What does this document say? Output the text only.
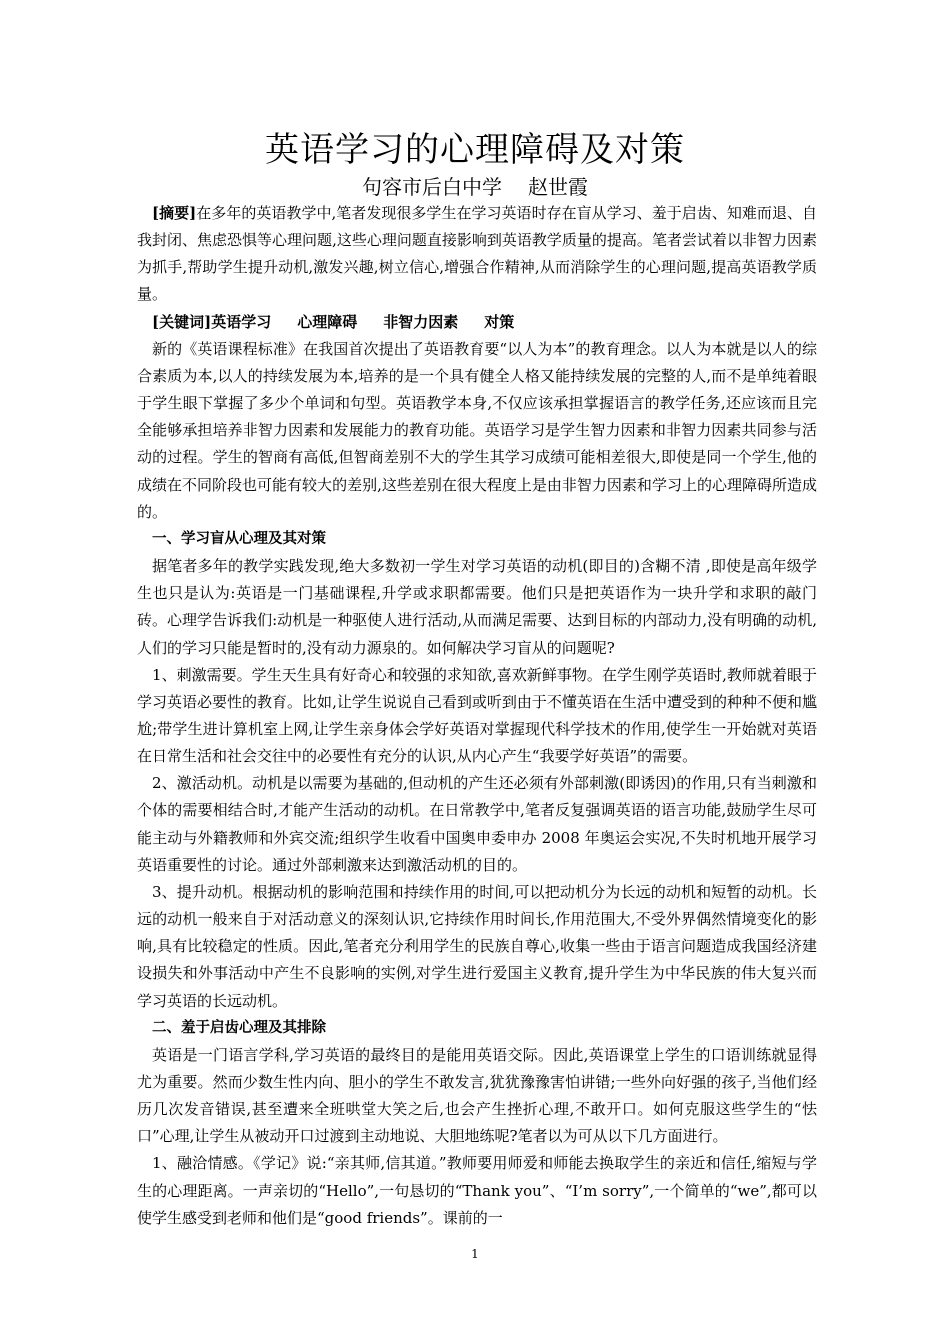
英语学习的心理障碍及对策
句容市后白中学 赵世霞

[摘要]在多年的英语教学中,笔者发现很多学生在学习英语时存在盲从学习、羞于启齿、知难而退、自我封闭、焦虑恐惧等心理问题,这些心理问题直接影响到英语教学质量的提高。笔者尝试着以非智力因素为抓手,帮助学生提升动机,激发兴趣,树立信心,增强合作精神,从而消除学生的心理问题,提高英语教学质量。

[关键词]英语学习 心理障碍 非智力因素 对策

新的《英语课程标准》在我国首次提出了英语教育要“以人为本”的教育理念。以人为本就是以人的综合素质为本,以人的持续发展为本,培养的是一个具有健全人格又能持续发展的完整的人,而不是单纯着眼于学生眼下掌握了多少个单词和句型。英语教学本身,不仅应该承担掌握语言的教学任务,还应该而且完全能够承担培养非智力因素和发展能力的教育功能。英语学习是学生智力因素和非智力因素共同参与活动的过程。学生的智商有高低,但智商差别不大的学生其学习成绩可能相差很大,即使是同一个学生,他的成绩在不同阶段也可能有较大的差别,这些差别在很大程度上是由非智力因素和学习上的心理障碍所造成的。

一、学习盲从心理及其对策

据笔者多年的教学实践发现,绝大多数初一学生对学习英语的动机(即目的)含糊不清 ,即使是高年级学生也只是认为:英语是一门基础课程,升学或求职都需要。他们只是把英语作为一块升学和求职的敲门砖。心理学告诉我们:动机是一种驱使人进行活动,从而满足需要、达到目标的内部动力,没有明确的动机,人们的学习只能是暂时的,没有动力源泉的。如何解决学习盲从的问题呢?

1、刺激需要。学生天生具有好奇心和较强的求知欲,喜欢新鲜事物。在学生刚学英语时,教师就着眼于学习英语必要性的教育。比如,让学生说说自己看到或听到由于不懂英语在生活中遭受到的种种不便和尴尬;带学生进计算机室上网,让学生亲身体会学好英语对掌握现代科学技术的作用,使学生一开始就对英语在日常生活和社会交往中的必要性有充分的认识,从内心产生“我要学好英语”的需要。

2、激活动机。动机是以需要为基础的,但动机的产生还必须有外部刺激(即诱因)的作用,只有当刺激和个体的需要相结合时,才能产生活动的动机。在日常教学中,笔者反复强调英语的语言功能,鼓励学生尽可能主动与外籍教师和外宾交流;组织学生收看中国奥申委申办 2008 年奥运会实况,不失时机地开展学习英语重要性的讨论。通过外部刺激来达到激活动机的目的。

3、提升动机。根据动机的影响范围和持续作用的时间,可以把动机分为长远的动机和短暂的动机。长远的动机一般来自于对活动意义的深刻认识,它持续作用时间长,作用范围大,不受外界偶然情境变化的影响,具有比较稳定的性质。因此,笔者充分利用学生的民族自尊心,收集一些由于语言问题造成我国经济建设损失和外事活动中产生不良影响的实例,对学生进行爱国主义教育,提升学生为中华民族的伟大复兴而学习英语的长远动机。

二、羞于启齿心理及其排除

英语是一门语言学科,学习英语的最终目的是能用英语交际。因此,英语课堂上学生的口语训练就显得尤为重要。然而少数生性内向、胆小的学生不敢发言,犹犹豫豫害怕讲错;一些外向好强的孩子,当他们经历几次发音错误,甚至遭来全班哄堂大笑之后,也会产生挫折心理,不敢开口。如何克服这些学生的“怯口”心理,让学生从被动开口过渡到主动地说、大胆地练呢?笔者以为可从以下几方面进行。

1、融洽情感。《学记》说:“亲其师,信其道。”教师要用师爱和师能去换取学生的亲近和信任,缩短与学生的心理距离。一声亲切的“Hello”,一句恳切的“Thank you”、“I’m sorry”,一个简单的“we”,都可以使学生感受到老师和他们是“good friends”。课前的一

1
